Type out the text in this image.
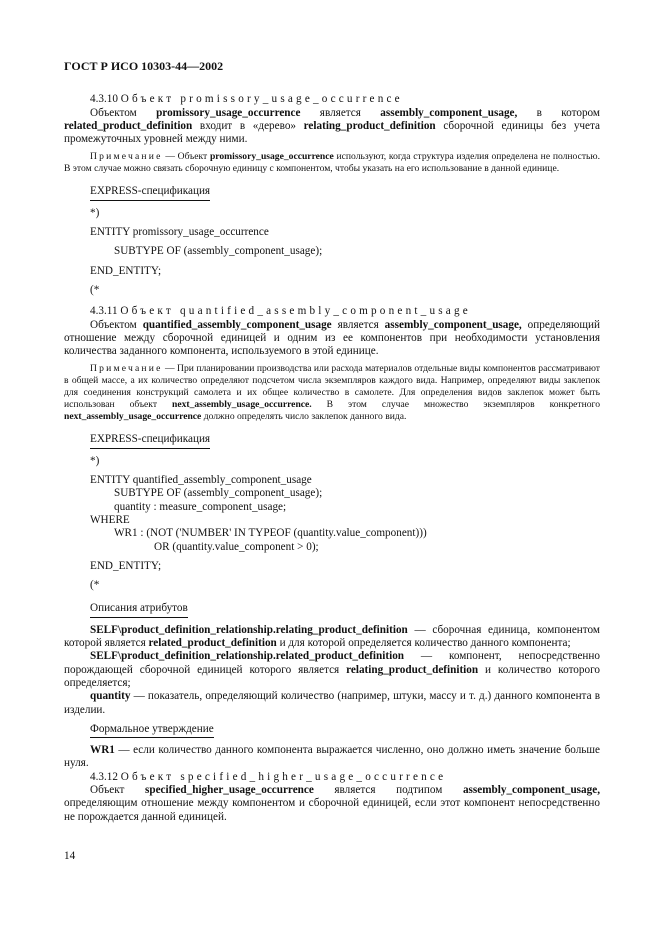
ГОСТ Р ИСО 10303-44—2002
4.3.10 Объект promissory_usage_occurrence
Объектом promissory_usage_occurrence является assembly_component_usage, в котором related_product_definition входит в «дерево» relating_product_definition сборочной единицы без учета промежуточных уровней между ними.
Примечание — Объект promissory_usage_occurrence используют, когда структура изделия определена не полностью. В этом случае можно связать сборочную единицу с компонентом, чтобы указать на его использование в данной единице.
EXPRESS-спецификация
*)
ENTITY promissory_usage_occurrence
SUBTYPE OF (assembly_component_usage);
END_ENTITY;
(*
4.3.11 Объект quantified_assembly_component_usage
Объектом quantified_assembly_component_usage является assembly_component_usage, определяющий отношение между сборочной единицей и одним из ее компонентов при необходимости установления количества заданного компонента, используемого в этой единице.
Примечание — При планировании производства или расхода материалов отдельные виды компонентов рассматривают в общей массе, а их количество определяют подсчетом числа экземпляров каждого вида. Например, определяют виды заклепок для соединения конструкций самолета и их общее количество в самолете. Для определения видов заклепок может быть использован объект next_assembly_usage_occurrence. В этом случае множество экземпляров конкретного next_assembly_usage_occurrence должно определять число заклепок данного вида.
EXPRESS-спецификация
*)
ENTITY quantified_assembly_component_usage
SUBTYPE OF (assembly_component_usage);
quantity : measure_component_usage;
WHERE
WR1 : (NOT ('NUMBER' IN TYPEOF (quantity.value_component)))
OR (quantity.value_component > 0);
END_ENTITY;
(*
Описания атрибутов
SELF\product_definition_relationship.relating_product_definition — сборочная единица, компонентом которой является related_product_definition и для которой определяется количество данного компонента;
SELF\product_definition_relationship.related_product_definition — компонент, непосредственно порождающей сборочной единицей которого является relating_product_definition и количество которого определяется;
quantity — показатель, определяющий количество (например, штуки, массу и т. д.) данного компонента в изделии.
Формальное утверждение
WR1 — если количество данного компонента выражается численно, оно должно иметь значение больше нуля.
4.3.12 Объект specified_higher_usage_occurrence
Объект specified_higher_usage_occurrence является подтипом assembly_component_usage, определяющим отношение между компонентом и сборочной единицей, если этот компонент непосредственно не порождается данной единицей.
14
